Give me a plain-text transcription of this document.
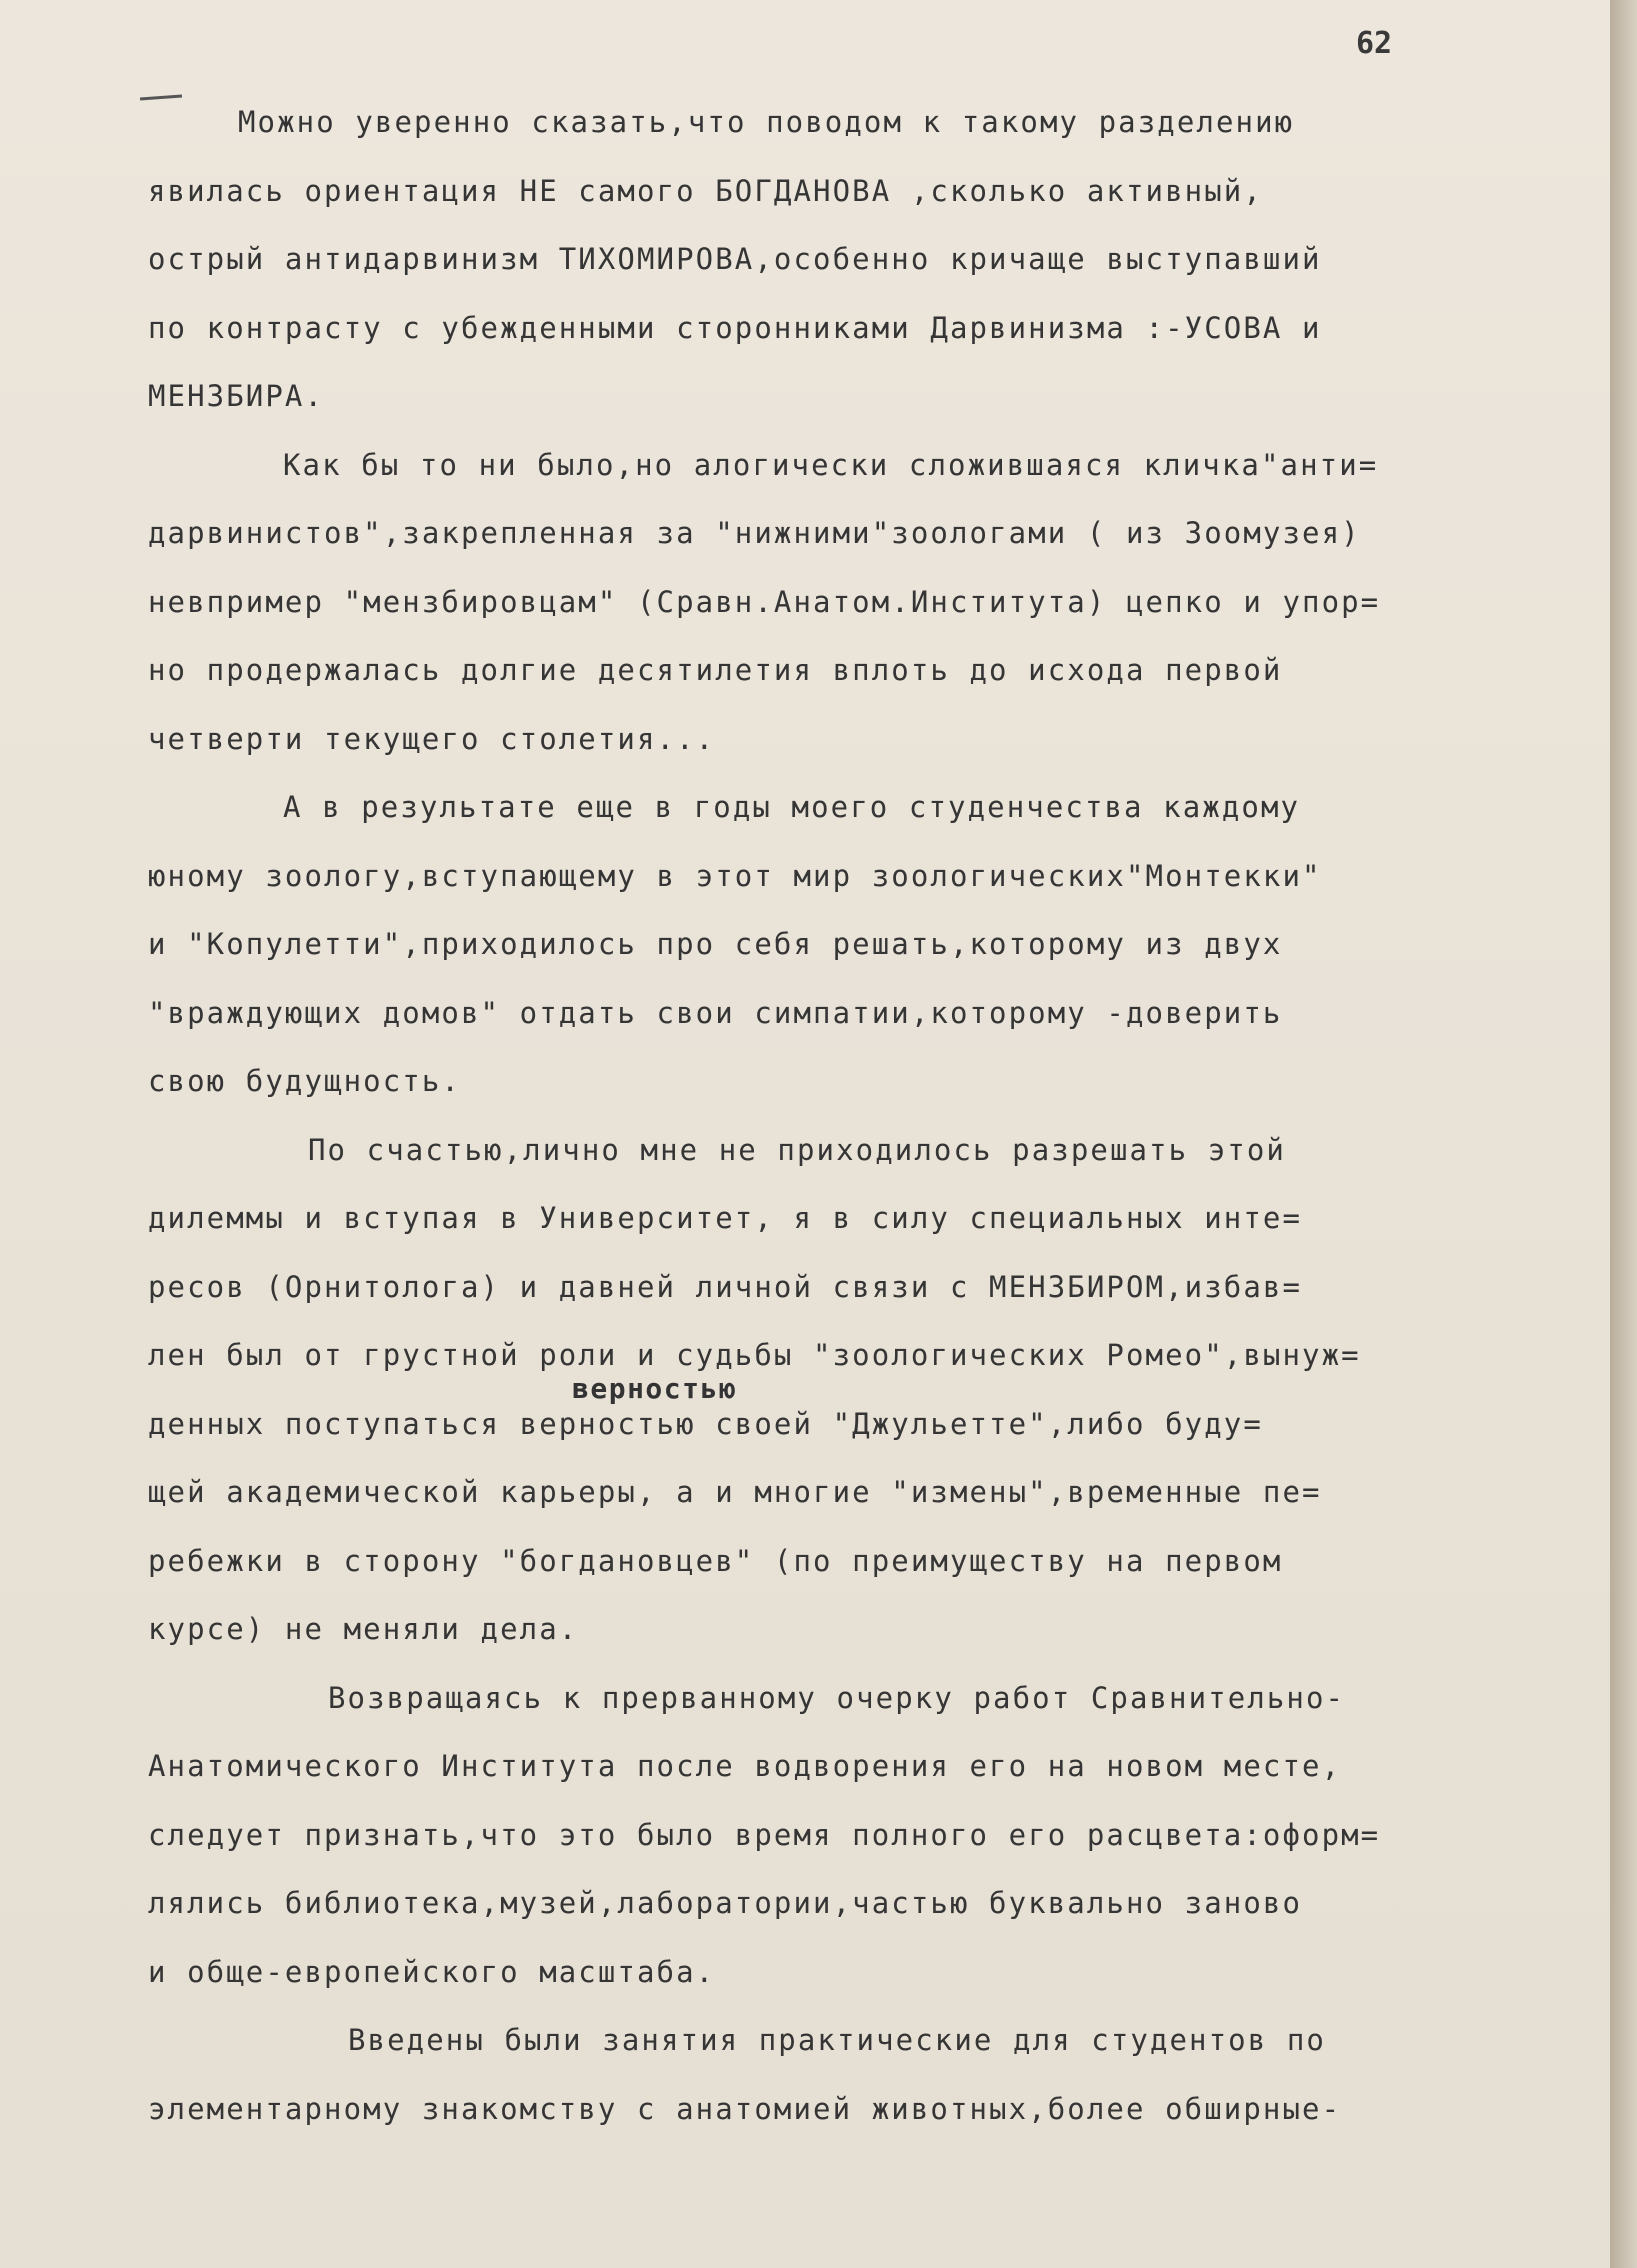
62
Можно уверенно сказать,что поводом к такому разделению
явилась ориентация НЕ самого БОГДАНОВА ,сколько активный,
острый антидарвинизм ТИХОМИРОВА,особенно кричаще выступавший
по контрасту с убежденными сторонниками Дарвинизма :-УСОВА и
МЕНЗБИРА.
Как бы то ни было,но алогически сложившаяся кличка"анти=
дарвинистов",закрепленная за "нижними"зоологами ( из Зоомузея)
невпример "мензбировцам" (Сравн.Анатом.Института) цепко и упор=
но продержалась долгие десятилетия вплоть до исхода первой
четверти текущего столетия...
А в результате еще в годы моего студенчества каждому
юному зоологу,вступающему в этот мир зоологических"Монтекки"
и "Копулетти",приходилось про себя решать,которому из двух
"враждующих домов" отдать свои симпатии,которому -доверить
свою будущность.
По счастью,лично мне не приходилось разрешать этой
дилеммы и вступая в Университет, я в силу специальных инте=
ресов (Орнитолога) и давней личной связи с МЕНЗБИРОМ,избав=
лен был от грустной роли и судьбы "зоологических Ромео",вынуж=
денных поступаться верностью своей "Джульетте",либо буду=
щей академической карьеры, а и многие "измены",временные пе=
ребежки в сторону "богдановцев" (по преимуществу на первом
курсе) не меняли дела.
Возвращаясь к прерванному очерку работ Сравнительно-
Анатомического Института после водворения его на новом месте,
следует признать,что это было время полного его расцвета:оформ=
лялись библиотека,музей,лаборатории,частью буквально заново
и обще-европейского масштаба.
Введены были занятия практические для студентов по
элементарному знакомству с анатомией животных,более обширные-
верностью
